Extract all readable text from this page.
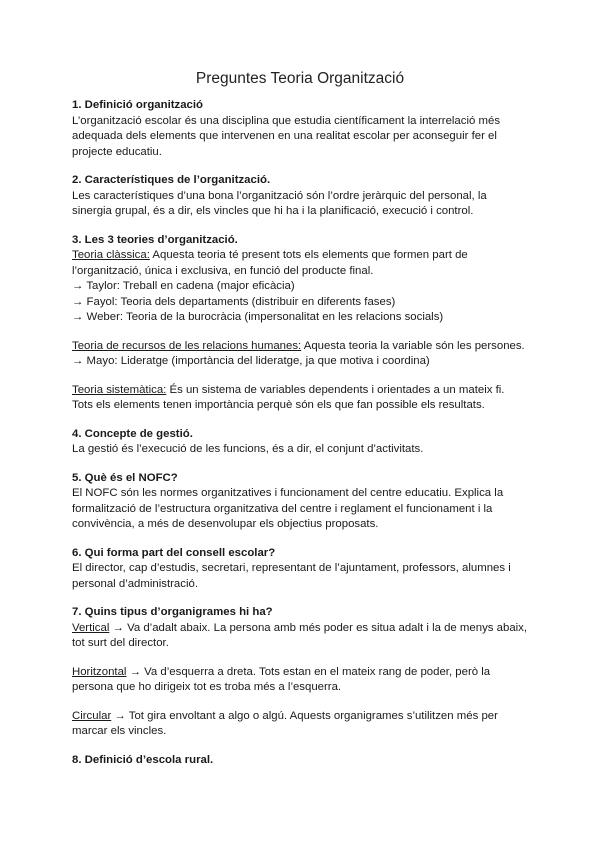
Preguntes Teoria Organització

1. Definició organització

L’organització escolar és una disciplina que estudia científicament la interrelació més adequada dels elements que intervenen en una realitat escolar per aconseguir fer el projecte educatiu.

2. Característiques de l’organització.

Les característiques d’una bona l’organització són l’ordre jeràrquic del personal, la sinergia grupal, és a dir, els vincles que hi ha i la planificació, execució i control.

3. Les 3 teories d’organització.

Teoria clàssica: Aquesta teoria té present tots els elements que formen part de l’organització, única i exclusiva, en funció del producte final.

→ Taylor: Treball en cadena (major eficàcia)

→ Fayol: Teoria dels departaments (distribuir en diferents fases)

→ Weber: Teoria de la burocràcia (impersonalitat en les relacions socials)

Teoria de recursos de les relacions humanes: Aquesta teoria la variable són les persones.

→ Mayo: Lideratge (importància del lideratge, ja que motiva i coordina)

Teoria sistemàtica: És un sistema de variables dependents i orientades a un mateix fi. Tots els elements tenen importància perquè són els que fan possible els resultats.

4. Concepte de gestió.

La gestió és l’execució de les funcions, és a dir, el conjunt d’activitats.

5. Què és el NOFC?

El NOFC són les normes organitzatives i funcionament del centre educatiu. Explica la formalització de l’estructura organitzativa del centre i reglament el funcionament i la convivència, a més de desenvolupar els objectius proposats.

6. Qui forma part del consell escolar?

El director, cap d’estudis, secretari, representant de l’ajuntament, professors, alumnes i personal d’administració.

7. Quins tipus d’organigrames hi ha?

Vertical → Va d’adalt abaix. La persona amb més poder es situa adalt i la de menys abaix, tot surt del director.

Horitzontal → Va d’esquerra a dreta. Tots estan en el mateix rang de poder, però la persona que ho dirigeix tot es troba més a l’esquerra.

Circular → Tot gira envoltant a algo o algú. Aquests organigrames s’utilitzen més per marcar els vincles.

8. Definició d’escola rural.
